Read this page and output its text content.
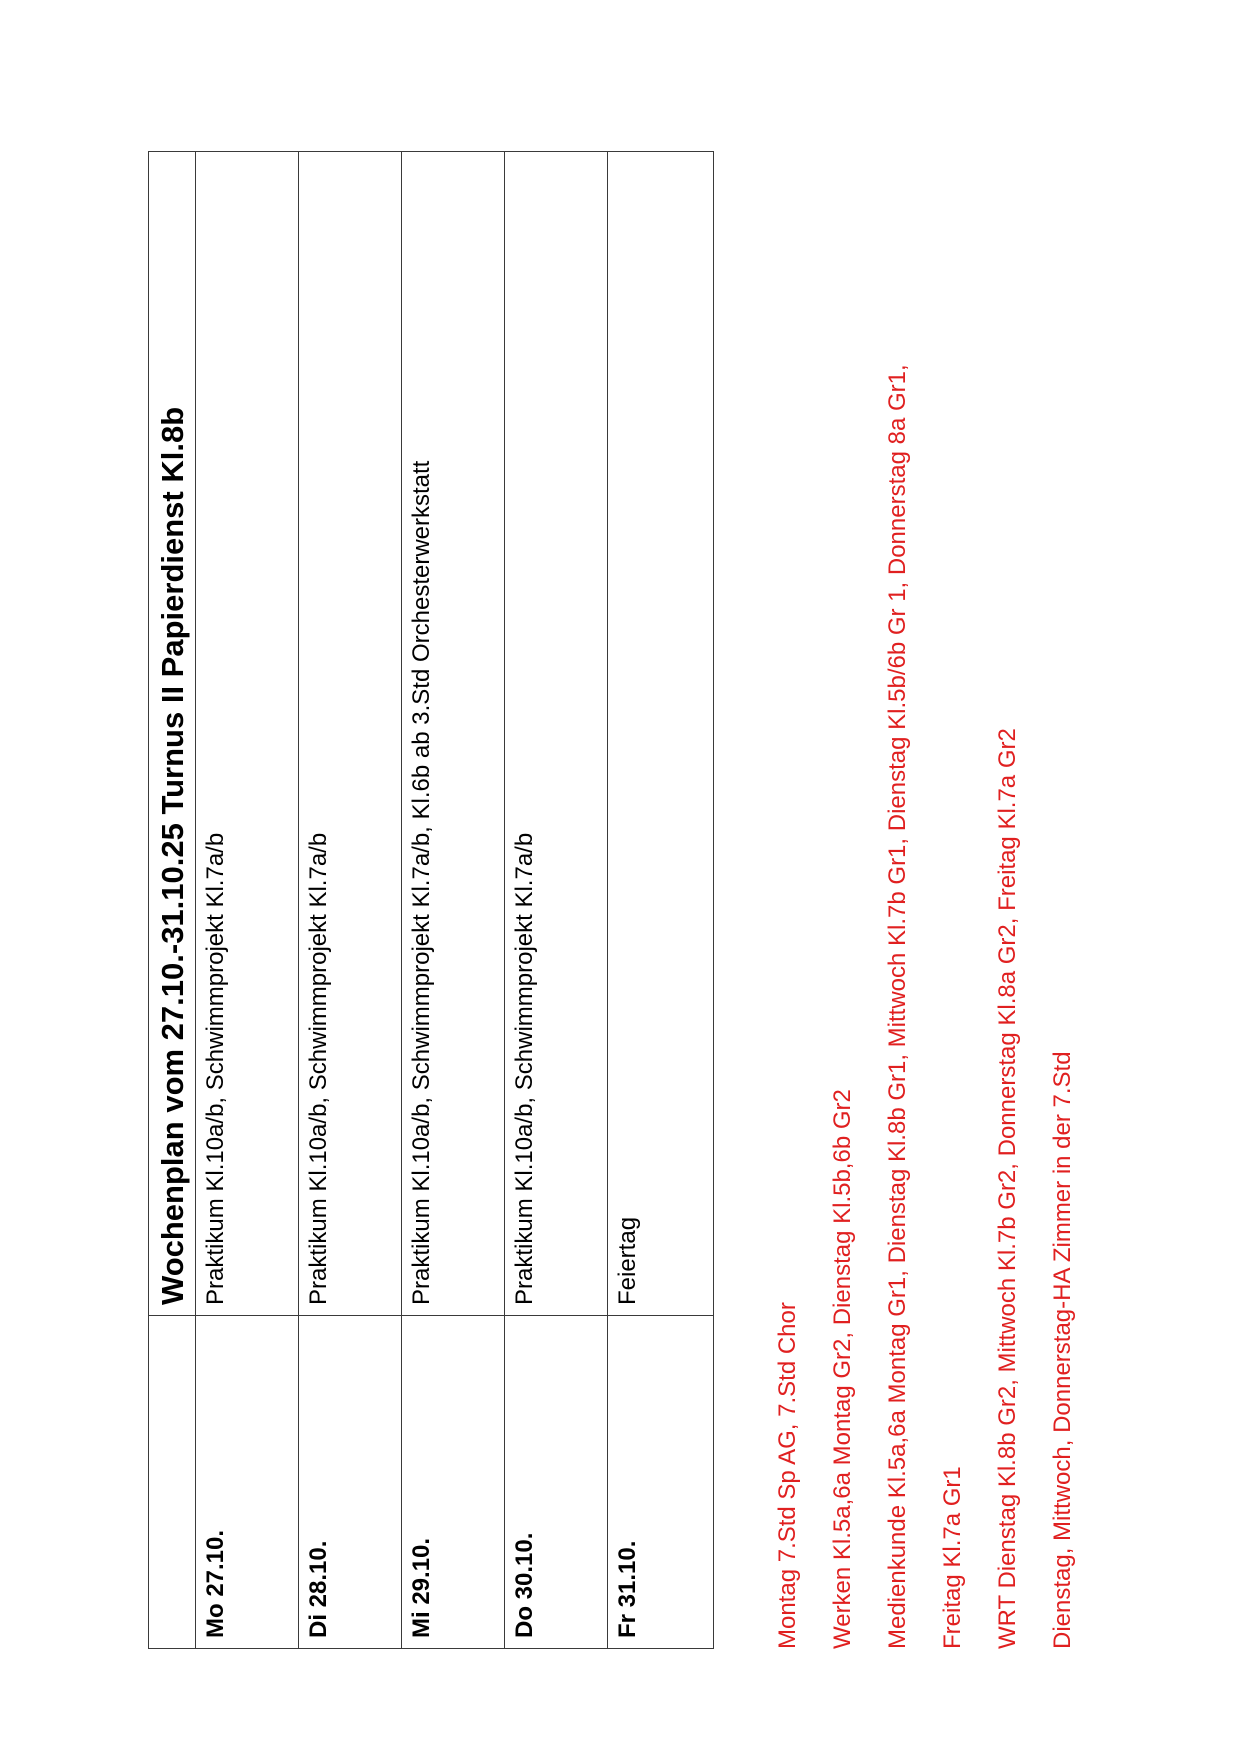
	Wochenplan vom 27.10.-31.10.25 Turnus II Papierdienst Kl.8b
Mo 27.10.	Praktikum Kl.10a/b, Schwimmprojekt Kl.7a/b
Di 28.10.	Praktikum Kl.10a/b, Schwimmprojekt Kl.7a/b
Mi 29.10.	Praktikum Kl.10a/b, Schwimmprojekt Kl.7a/b, Kl.6b ab 3.Std Orchesterwerkstatt
Do 30.10.	Praktikum Kl.10a/b, Schwimmprojekt Kl.7a/b
Fr 31.10.	Feiertag
Montag 7.Std Sp AG, 7.Std Chor	Werken Kl.5a,6a Montag Gr2, Dienstag Kl.5b,6b Gr2	Medienkunde Kl.5a,6a Montag Gr1, Dienstag Kl.8b Gr1, Mittwoch Kl.7b Gr1, Dienstag Kl.5b/6b Gr 1, Donnerstag 8a Gr1,	Freitag Kl.7a Gr1	WRT Dienstag Kl.8b Gr2, Mittwoch Kl.7b Gr2, Donnerstag Kl.8a Gr2, Freitag Kl.7a Gr2	Dienstag, Mittwoch, Donnerstag-HA Zimmer in der 7.Std
